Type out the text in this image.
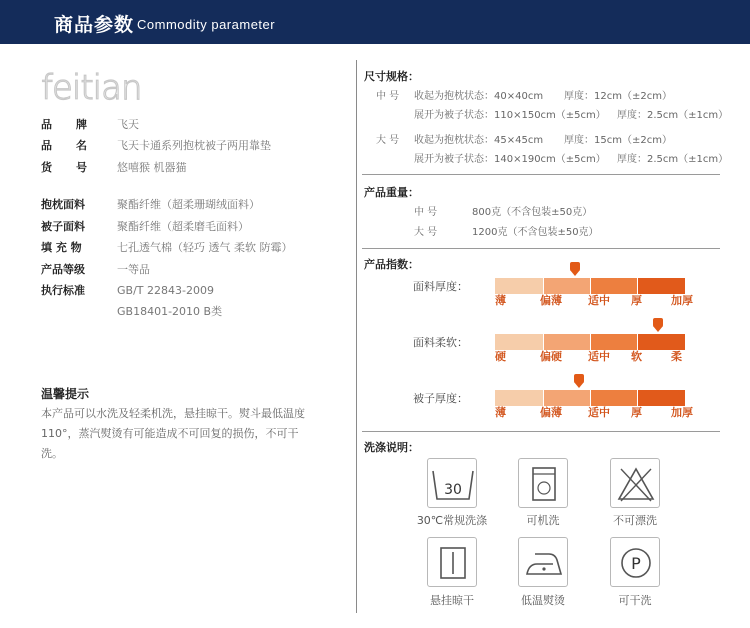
商品参数 Commodity parameter
feitian
品 牌	飞天
品 名	飞天卡通系列抱枕被子两用靠垫
货 号	悠嘻猴 机器猫
抱枕面料	聚酯纤维（超柔珊瑚绒面料）
被子面料	聚酯纤维（超柔磨毛面料）
填 充 物	七孔透气棉（轻巧 透气 柔软 防霉）
产品等级	一等品
执行标准	GB/T 22843-2009
GB18401-2010 B类
温馨提示
本产品可以水洗及轻柔机洗，悬挂晾干。熨斗最低温度 110°，蒸汽熨烫有可能造成不可回复的损伤，不可干洗。
尺寸规格：
中 号 收起为抱枕状态：40×40cm 厚度：12cm（±2cm）
展开为被子状态：110×150cm（±5cm） 厚度：2.5cm（±1cm）
大 号 收起为抱枕状态：45×45cm 厚度：15cm（±2cm）
展开为被子状态：140×190cm（±5cm） 厚度：2.5cm（±1cm）
产品重量：
中 号	800克（不含包装±50克）
大 号	1200克（不含包装±50克）
产品指数：
面料厚度：
薄	偏薄 适中 厚	加厚
面料柔软：
硬	偏硬 适中 软	柔
被子厚度：
薄	偏薄 适中 厚	加厚
洗涤说明：
30
30℃常规洗涤	可机洗	不可漂洗
悬挂晾干	低温熨烫
P
可干洗
